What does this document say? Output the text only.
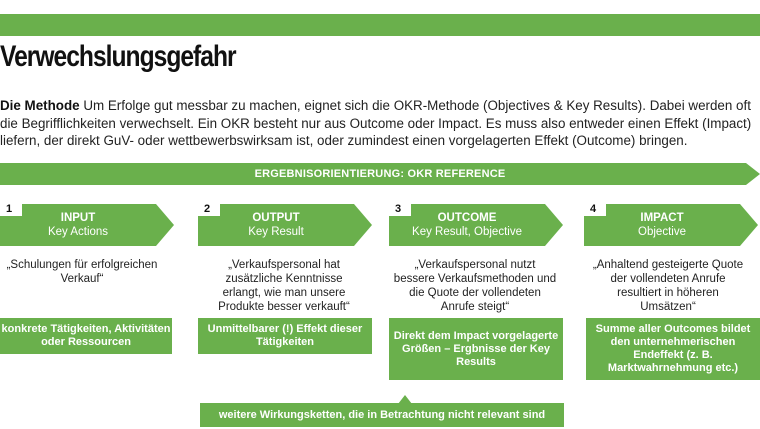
Verwechslungsgefahr

Die Methode Um Erfolge gut messbar zu machen, eignet sich die OKR-Methode (Objectives & Key Results). Dabei werden oft die Begrifflichkeiten verwechselt. Ein OKR besteht nur aus Outcome oder Impact. Es muss also entweder einen Effekt (Impact) liefern, der direkt GuV- oder wettbewerbswirksam ist, oder zumindest einen vorgelagerten Effekt (Outcome) bringen.

ERGEBNISORIENTIERUNG: OKR REFERENCE
1
INPUT
Key Actions
2
OUTPUT
Key Result
3
OUTCOME
Key Result, Objective
4
IMPACT
Objective
„Schulungen für erfolgreichen Verkauf“
„Verkaufspersonal hat zusätzliche Kenntnisse erlangt, wie man unsere Produkte besser verkauft“
„Verkaufspersonal nutzt bessere Verkaufsmethoden und die Quote der vollendeten Anrufe steigt“
„Anhaltend gesteigerte Quote der vollendeten Anrufe resultiert in höheren Umsätzen“
konkrete Tätigkeiten, Aktivitäten oder Ressourcen
Unmittelbarer (!) Effekt dieser Tätigkeiten
Direkt dem Impact vorgelagerte Größen – Ergbnisse der Key Results
Summe aller Outcomes bildet den unternehmerischen Endeffekt (z. B. Marktwahrnehmung etc.)
weitere Wirkungsketten, die in Betrachtung nicht relevant sind
